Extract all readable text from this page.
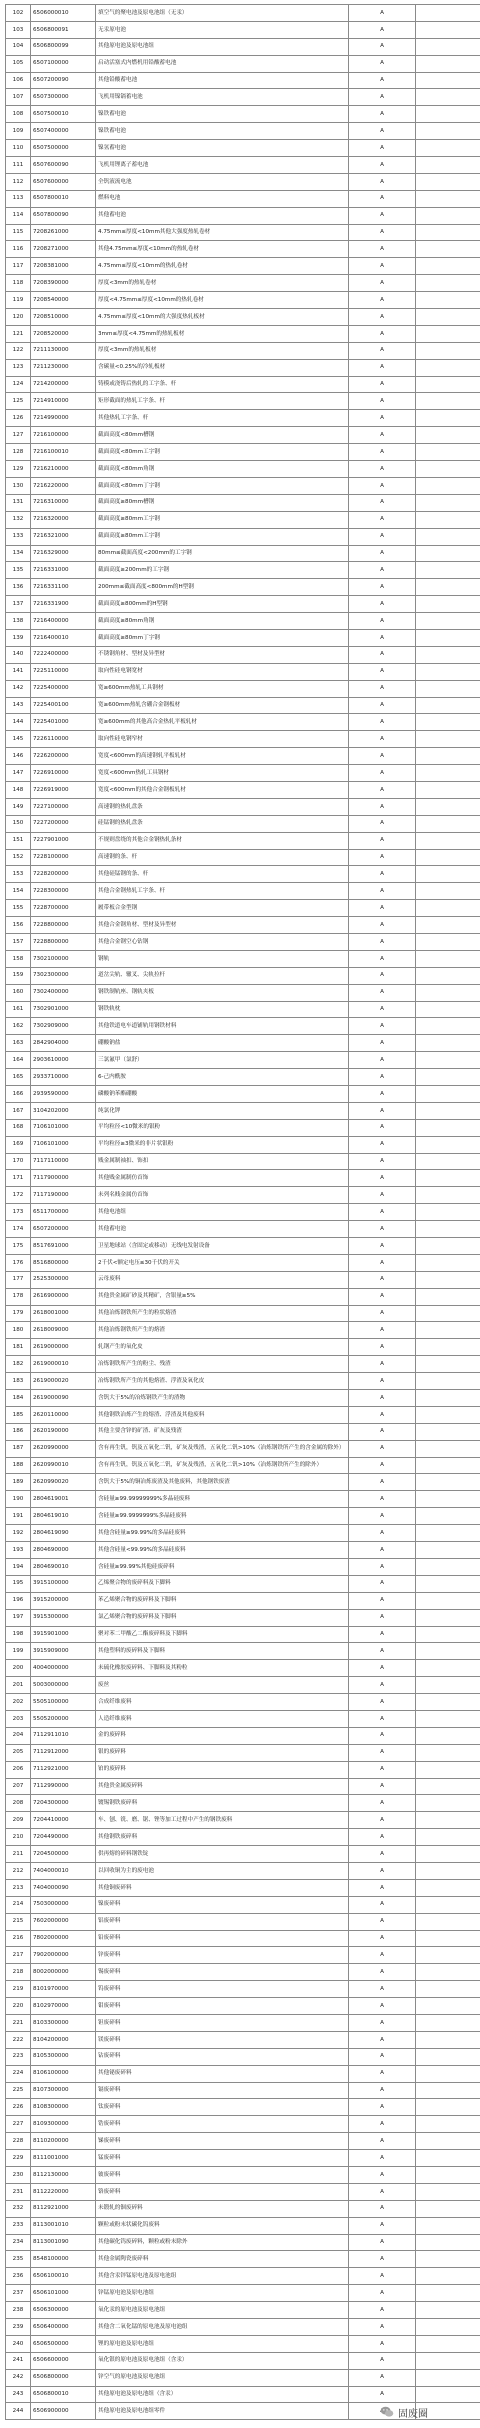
102	6506000010	填空气的聚电池及原电池组（无汞）	A	
103	6506800091	无汞原电池	A	
104	6506800099	其他原电池及原电池组	A	
105	6507100000	启动活塞式内燃机用铅酸蓄电池	A	
106	6507200090	其他铅酸蓄电池	A	
107	6507300000	飞机用镍镉蓄电池	A	
108	6507500010	镍铁蓄电池	A	
109	6507400000	镍铁蓄电池	A	
110	6507500000	镍氢蓄电池	A	
111	6507600090	飞机用锂离子蓄电池	A	
112	6507600000	全钒液流电池	A	
113	6507800010	燃料电池	A	
114	6507800090	其他蓄电池	A	
115	7208261000	4.75mm≤厚度<10mm其他大强度热轧卷材	A	
116	7208271000	其他4.75mm≤厚度<10mm的热轧卷材	A	
117	7208381000	4.75mm≤厚度<10mm的热轧卷材	A	
118	7208390000	厚度<3mm的热轧卷材	A	
119	7208540000	厚度<4.75mm≤厚度<10mm的热轧卷材	A	
120	7208510000	4.75mm≤厚度<10mm的大强度热轧板材	A	
121	7208520000	3mm≤厚度<4.75mm的热轧板材	A	
122	7211130000	厚度<3mm的热轧板材	A	
123	7211230000	含碳量<0.25%的冷轧板材	A	
124	7214200000	铸模或浇铸后热轧的工字条、杆	A	
125	7214910000	矩形截面的热轧工字条、杆	A	
126	7214990000	其他热轧工字条、杆	A	
127	7216100000	截面高度<80mm槽钢	A	
128	7216100010	截面高度<80mm工字钢	A	
129	7216210000	截面高度<80mm角钢	A	
130	7216220000	截面高度<80mm丁字钢	A	
131	7216310000	截面高度≥80mm槽钢	A	
132	7216320000	截面高度≥80mm工字钢	A	
133	7216321000	截面高度≥80mm工字钢	A	
134	7216329000	80mm≤截面高度<200mm的工字钢	A	
135	7216331000	截面高度≥200mm的工字钢	A	
136	7216331100	200mm≤截面高度<800mm的H型钢	A	
137	7216331900	截面高度≥800mm的H型钢	A	
138	7216400000	截面高度≥80mm角钢	A	
139	7216400010	截面高度≥80mm丁字钢	A	
140	7222400000	不锈钢角材、型材及异型材	A	
141	7225110000	取向性硅电钢宽材	A	
142	7225400000	宽≥600mm热轧工具钢材	A	
143	7225400100	宽≥600mm热轧含硼合金钢板材	A	
144	7225401000	宽≥600mm的其他高合金热轧平板轧材	A	
145	7226110000	取向性硅电钢窄材	A	
146	7226200000	宽度<600mm的高速钢轧平板轧材	A	
147	7226910000	宽度<600mm热轧工具钢材	A	
148	7226919000	宽度<600mm的其他合金钢板轧材	A	
149	7227100000	高速钢的热轧盘条	A	
150	7227200000	硅锰钢的热轧盘条	A	
151	7227901000	不规则盘绕的其他合金钢热轧条材	A	
152	7228100000	高速钢的条、杆	A	
153	7228200000	其他硅锰钢的条、杆	A	
154	7228300000	其他合金钢热轧工字条、杆	A	
155	7228700000	履带板合金型钢	A	
156	7228800000	其他合金钢角材、型材及异型材	A	
157	7228800000	其他合金钢空心钻钢	A	
158	7302100000	钢轨	A	
159	7302300000	道岔尖轨、辙叉、尖轨拉杆	A	
160	7302400000	钢铁制轨座、钢轨夹板	A	
161	7302901000	钢铁轨枕	A	
162	7302909000	其他铁道电车道铺轨用钢铁材料	A	
163	2842904000	硼酸钠盐	A	
164	2903610000	三氯氟甲（氯舒）	A	
165	2933710000	6-己内酰胺	A	
166	2939590000	磷酸钠苯酯硼酸	A	
167	3104202000	纯氯化钾	A	
168	7106101000	平均粒径<10微米的银粉	A	
169	7106101000	平均粒径≥3微米的非片状银粉	A	
170	7117110000	贱金属制袖扣、饰扣	A	
171	7117900000	其他贱金属制仿首饰	A	
172	7117190000	未列名贱金属仿首饰	A	
173	6511700000	其他电池组	A	
174	6507200000	其他蓄电池	A	
175	8517691000	卫星地球站（含固定或移动）无线电发射设备	A	
176	8516800000	2千伏<额定电压≤30千伏的开关	A	
177	2525300000	云母废料	A	
178	2616900000	其他贵金属矿砂及其精矿，含银量≥5%	A	
179	2618001000	其他冶炼钢铁所产生的粒状熔渣	A	
180	2618009000	其他冶炼钢铁所产生的熔渣	A	
181	2619000000	轧钢产生的氧化皮	A	
182	2619000010	冶炼钢铁所产生的粉尘、残渣	A	
183	2619000020	冶炼钢铁所产生的其他熔渣、浮渣及氧化皮	A	
184	2619000090	含钒大于5%的冶炼钢铁产生的渣物	A	
185	2620110000	其他钢铁冶炼产生的熔渣、浮渣及其他废料	A	
186	2620190000	其他主要含锌的矿渣、矿灰及残渣	A	
187	2620990000	含有再生钒，钒及五氧化二钒，矿灰及残渣，五氧化二钒>10%（冶炼钢铁所产生的含金属的除外）	A	
188	2620990010	含有再生钒，钒及五氧化二钒，矿灰及残渣，五氧化二钒>10%（冶炼钢铁所产生的除外）	A	
189	2620990020	含钒大于5%的铜冶炼废渣及其他废料，其他钢铁废渣	A	
190	2804619001	含硅量≥99.99999999%多晶硅废料	A	
191	2804619010	含硅量≥99.9999999%多晶硅废料	A	
192	2804619090	其他含硅量≥99.99%的多晶硅废料	A	
193	2804690000	其他含硅量<99.99%的多晶硅废料	A	
194	2804690010	含硅量≥99.99%其他硅废碎料	A	
195	3915100000	乙烯聚合物的废碎料及下脚料	A	
196	3915200000	苯乙烯聚合物的废碎料及下脚料	A	
197	3915300000	氯乙烯聚合物的废碎料及下脚料	A	
198	3915901000	聚对苯二甲酸乙二酯废碎料及下脚料	A	
199	3915909000	其他塑料的废碎料及下脚料	A	
200	4004000000	未硫化橡胶废碎料、下脚料及其粉粒	A	
201	5003000000	废丝	A	
202	5505100000	合成纤维废料	A	
203	5505200000	人造纤维废料	A	
204	7112911010	金的废碎料	A	
205	7112912000	银的废碎料	A	
206	7112921000	铂的废碎料	A	
207	7112990000	其他贵金属废碎料	A	
208	7204300000	镀锡钢铁废碎料	A	
209	7204410000	车、刨、铣、磨、锯、锉等加工过程中产生的钢铁废料	A	
210	7204490000	其他钢铁废碎料	A	
211	7204500000	供再熔的碎料钢铁锭	A	
212	7404000010	以回收铜为主的废电池	A	
213	7404000090	其他铜废碎料	A	
214	7503000000	镍废碎料	A	
215	7602000000	铝废碎料	A	
216	7802000000	铅废碎料	A	
217	7902000000	锌废碎料	A	
218	8002000000	锡废碎料	A	
219	8101970000	钨废碎料	A	
220	8102970000	钼废碎料	A	
221	8103300000	钽废碎料	A	
222	8104200000	镁废碎料	A	
223	8105300000	钴废碎料	A	
224	8106100000	其他铋废碎料	A	
225	8107300000	镉废碎料	A	
226	8108300000	钛废碎料	A	
227	8109300000	锆废碎料	A	
228	8110200000	锑废碎料	A	
229	8111001000	锰废碎料	A	
230	8112130000	铍废碎料	A	
231	8112220000	铬废碎料	A	
232	8112921000	未锻轧的铟废碎料	A	
233	8113001010	颗粒或粉末状碳化钨废料	A	
234	8113001090	其他碳化钨废碎料，颗粒或粉末除外	A	
235	8548100000	其他金属陶瓷废碎料	A	
236	6506100010	其他含汞锌锰原电池及原电池组	A	
237	6506101000	锌锰原电池及原电池组	A	
238	6506300000	氧化汞的原电池及原电池组	A	
239	6506400000	其他含二氧化锰的原电池及原电池组	A	
240	6506500000	锂的原电池及原电池组	A	
241	6506600000	氧化银的原电池及原电池组（含汞）	A	
242	6506800000	锌空气的原电池及原电池组	A	
243	6506800010	其他原电池及原电池组（含汞）	A	
244	6506900000	其他原电池及原电池组零件			固废圈
